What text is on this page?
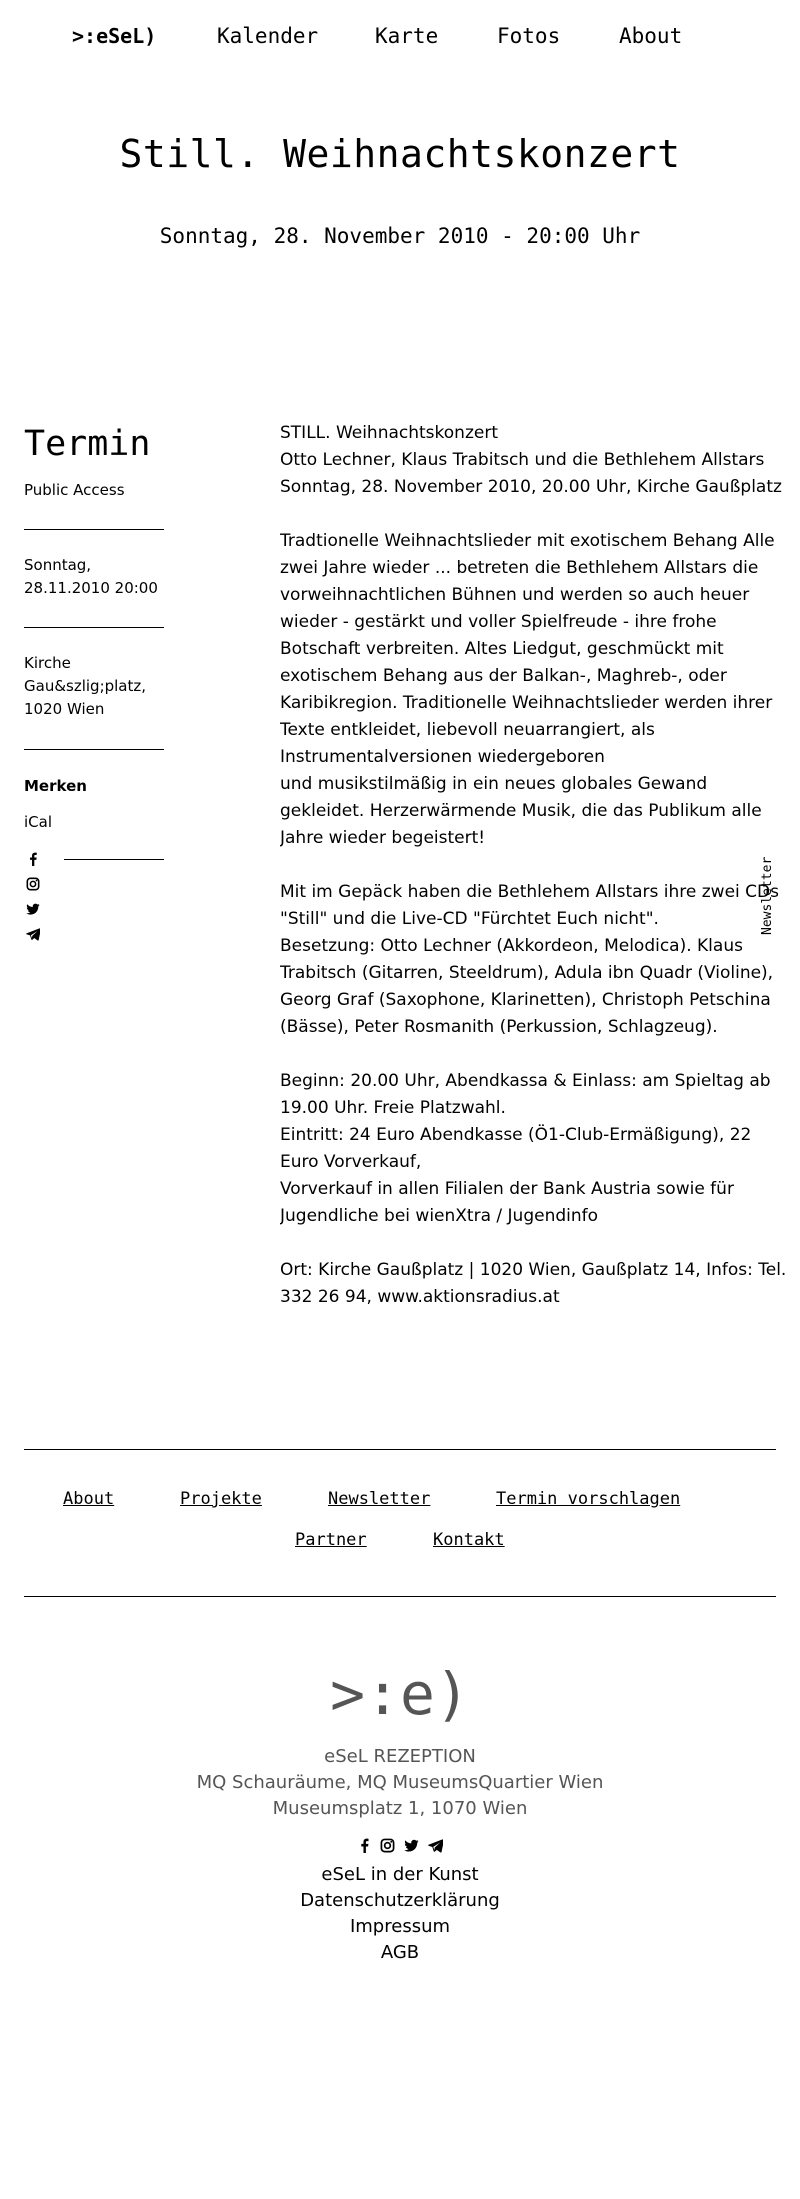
>:eSeL)	Kalender	Karte	Fotos	About
Still. Weihnachtskonzert
Sonntag, 28. November 2010 - 20:00 Uhr
Termin
Public Access
Sonntag,
28.11.2010 20:00
Kirche
Gau&szlig;platz,
1020 Wien
Merken
iCal

STILL. Weihnachtskonzert

Otto Lechner, Klaus Trabitsch und die Bethlehem Allstars

Sonntag, 28. November 2010, 20.00 Uhr, Kirche Gaußplatz

Tradtionelle Weihnachtslieder mit exotischem Behang Alle

zwei Jahre wieder ... betreten die Bethlehem Allstars die

vorweihnachtlichen Bühnen und werden so auch heuer

wieder - gestärkt und voller Spielfreude - ihre frohe

Botschaft verbreiten. Altes Liedgut, geschmückt mit

exotischem Behang aus der Balkan-, Maghreb-, oder

Karibikregion. Traditionelle Weihnachtslieder werden ihrer

Texte entkleidet, liebevoll neuarrangiert, als

Instrumentalversionen wiedergeboren

und musikstilmäßig in ein neues globales Gewand

gekleidet. Herzerwärmende Musik, die das Publikum alle

Jahre wieder begeistert!

Mit im Gepäck haben die Bethlehem Allstars ihre zwei CDs

"Still" und die Live-CD "Fürchtet Euch nicht".

Besetzung: Otto Lechner (Akkordeon, Melodica). Klaus

Trabitsch (Gitarren, Steeldrum), Adula ibn Quadr (Violine),

Georg Graf (Saxophone, Klarinetten), Christoph Petschina

(Bässe), Peter Rosmanith (Perkussion, Schlagzeug).

Beginn: 20.00 Uhr, Abendkassa & Einlass: am Spieltag ab

19.00 Uhr. Freie Platzwahl.

Eintritt: 24 Euro Abendkasse (Ö1-Club-Ermäßigung), 22

Euro Vorverkauf,

Vorverkauf in allen Filialen der Bank Austria sowie für

Jugendliche bei wienXtra / Jugendinfo

Ort: Kirche Gaußplatz | 1020 Wien, Gaußplatz 14, Infos: Tel.

332 26 94, www.aktionsradius.at

Newsletter
About	Projekte	Newsletter	Termin vorschlagen
Partner	Kontakt
>:e)
eSeL REZEPTION
MQ Schauräume, MQ MuseumsQuartier Wien
Museumsplatz 1, 1070 Wien
eSeL in der Kunst
Datenschutzerklärung
Impressum
AGB
